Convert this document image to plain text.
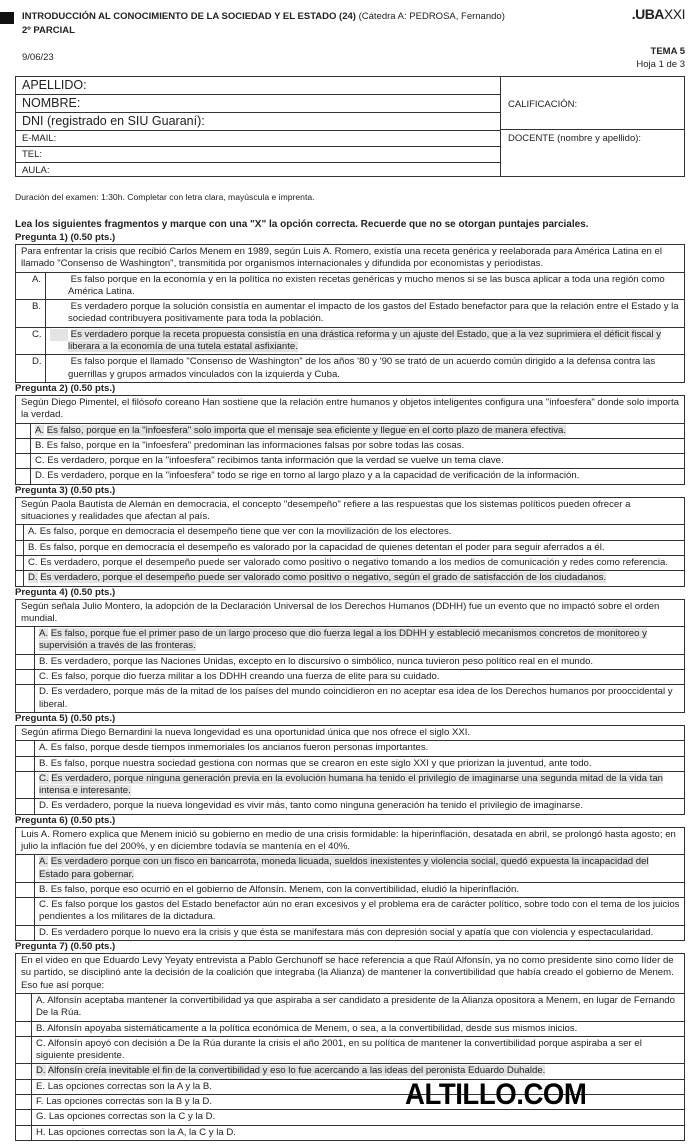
INTRODUCCIÓN AL CONOCIMIENTO DE LA SOCIEDAD Y EL ESTADO (24) (Cátedra A: PEDROSA, Fernando)
2º PARCIAL
9/06/23
.UBAXXI
TEMA 5
Hoja 1 de 3
APELLIDO:
NOMBRE:
DNI (registrado en SIU Guaraní):
E-MAIL:
TEL:
AULA:
CALIFICACIÓN:
DOCENTE (nombre y apellido):
Duración del examen: 1:30h. Completar con letra clara, mayúscula e imprenta.
Lea los siguientes fragmentos y marque con una "X" la opción correcta. Recuerde que no se otorgan puntajes parciales.
Pregunta 1) (0.50 pts.)
Para enfrentar la crisis que recibió Carlos Menem en 1989, según Luis A. Romero, existía una receta genérica y reelaborada para América Latina en el llamado "Consenso de Washington", transmitida por organismos internacionales y difundida por economistas y periodistas.
A.	Es falso porque en la economía y en la política no existen recetas genéricas y mucho menos si se las busca aplicar a toda una región como América Latina.
B.	Es verdadero porque la solución consistía en aumentar el impacto de los gastos del Estado benefactor para que la relación entre el Estado y la sociedad contribuyera positivamente para toda la población.
C.	Es verdadero porque la receta propuesta consistía en una drástica reforma y un ajuste del Estado, que a la vez suprimiera el déficit fiscal y liberara a la economía de una tutela estatal asfixiante.
D.	Es falso porque el llamado "Consenso de Washington" de los años '80 y '90 se trató de un acuerdo común dirigido a la defensa contra las guerrillas y grupos armados vinculados con la izquierda y Cuba.
Pregunta 2) (0.50 pts.)
Según Diego Pimentel, el filósofo coreano Han sostiene que la relación entre humanos y objetos inteligentes configura una "infoesfera" donde solo importa la verdad.
A. Es falso, porque en la "infoesfera" solo importa que el mensaje sea eficiente y llegue en el corto plazo de manera efectiva.
B. Es falso, porque en la "infoesfera" predominan las informaciones falsas por sobre todas las cosas.
C. Es verdadero, porque en la "infoesfera" recibimos tanta información que la verdad se vuelve un tema clave.
D. Es verdadero, porque en la "infoesfera" todo se rige en torno al largo plazo y a la capacidad de verificación de la información.
Pregunta 3) (0.50 pts.)
Según Paola Bautista de Alemán en democracia, el concepto "desempeño" refiere a las respuestas que los sistemas políticos pueden ofrecer a situaciones y realidades que afectan al país.
A. Es falso, porque en democracia el desempeño tiene que ver con la movilización de los electores.
B. Es falso, porque en democracia el desempeño es valorado por la capacidad de quienes detentan el poder para seguir aferrados a él.
C. Es verdadero, porque el desempeño puede ser valorado como positivo o negativo tomando a los medios de comunicación y redes como referencia.
D. Es verdadero, porque el desempeño puede ser valorado como positivo o negativo, según el grado de satisfacción de los ciudadanos.
Pregunta 4) (0.50 pts.)
Según señala Julio Montero, la adopción de la Declaración Universal de los Derechos Humanos (DDHH) fue un evento que no impactó sobre el orden mundial.
A. Es falso, porque fue el primer paso de un largo proceso que dio fuerza legal a los DDHH y estableció mecanismos concretos de monitoreo y supervisión a través de las fronteras.
B. Es verdadero, porque las Naciones Unidas, excepto en lo discursivo o simbólico, nunca tuvieron peso político real en el mundo.
C. Es falso, porque dio fuerza militar a los DDHH creando una fuerza de elite para su cuidado.
D. Es verdadero, porque más de la mitad de los países del mundo coincidieron en no aceptar esa idea de los Derechos humanos por prooccidental y liberal.
Pregunta 5) (0.50 pts.)
Según afirma Diego Bernardini la nueva longevidad es una oportunidad única que nos ofrece el siglo XXI.
A. Es falso, porque desde tiempos inmemoriales los ancianos fueron personas importantes.
B. Es falso, porque nuestra sociedad gestiona con normas que se crearon en este siglo XXI y que priorizan la juventud, ante todo.
C. Es verdadero, porque ninguna generación previa en la evolución humana ha tenido el privilegio de imaginarse una segunda mitad de la vida tan intensa e interesante.
D. Es verdadero, porque la nueva longevidad es vivir más, tanto como ninguna generación ha tenido el privilegio de imaginarse.
Pregunta 6) (0.50 pts.)
Luis A. Romero explica que Menem inició su gobierno en medio de una crisis formidable: la hiperinflación, desatada en abril, se prolongó hasta agosto; en julio la inflación fue del 200%, y en diciembre todavía se mantenía en el 40%.
A. Es verdadero porque con un fisco en bancarrota, moneda licuada, sueldos inexistentes y violencia social, quedó expuesta la incapacidad del Estado para gobernar.
B. Es falso, porque eso ocurrió en el gobierno de Alfonsín. Menem, con la convertibilidad, eludió la hiperinflación.
C. Es falso porque los gastos del Estado benefactor aún no eran excesivos y el problema era de carácter político, sobre todo con el tema de los juicios pendientes a los militares de la dictadura.
D. Es verdadero porque lo nuevo era la crisis y que ésta se manifestara más con depresión social y apatía que con violencia y espectacularidad.
Pregunta 7) (0.50 pts.)
En el video en que Eduardo Levy Yeyaty entrevista a Pablo Gerchunoff se hace referencia a que Raúl Alfonsín, ya no como presidente sino como líder de su partido, se disciplinó ante la decisión de la coalición que integraba (la Alianza) de mantener la convertibilidad que había creado el gobierno de Menem. Eso fue así porque:
A. Alfonsín aceptaba mantener la convertibilidad ya que aspiraba a ser candidato a presidente de la Alianza opositora a Menem, en lugar de Fernando De la Rúa.
B. Alfonsín apoyaba sistemáticamente a la política económica de Menem, o sea, a la convertibilidad, desde sus mismos inicios.
C. Alfonsín apoyó con decisión a De la Rúa durante la crisis el año 2001, en su política de mantener la convertibilidad porque aspiraba a ser el siguiente presidente.
D. Alfonsín creía inevitable el fin de la convertibilidad y eso lo fue acercando a las ideas del peronista Eduardo Duhalde.
E. Las opciones correctas son la A y la B.
F. Las opciones correctas son la B y la D.
G. Las opciones correctas son la C y la D.
H. Las opciones correctas son la A, la C y la D.
ALTILLO.COM
